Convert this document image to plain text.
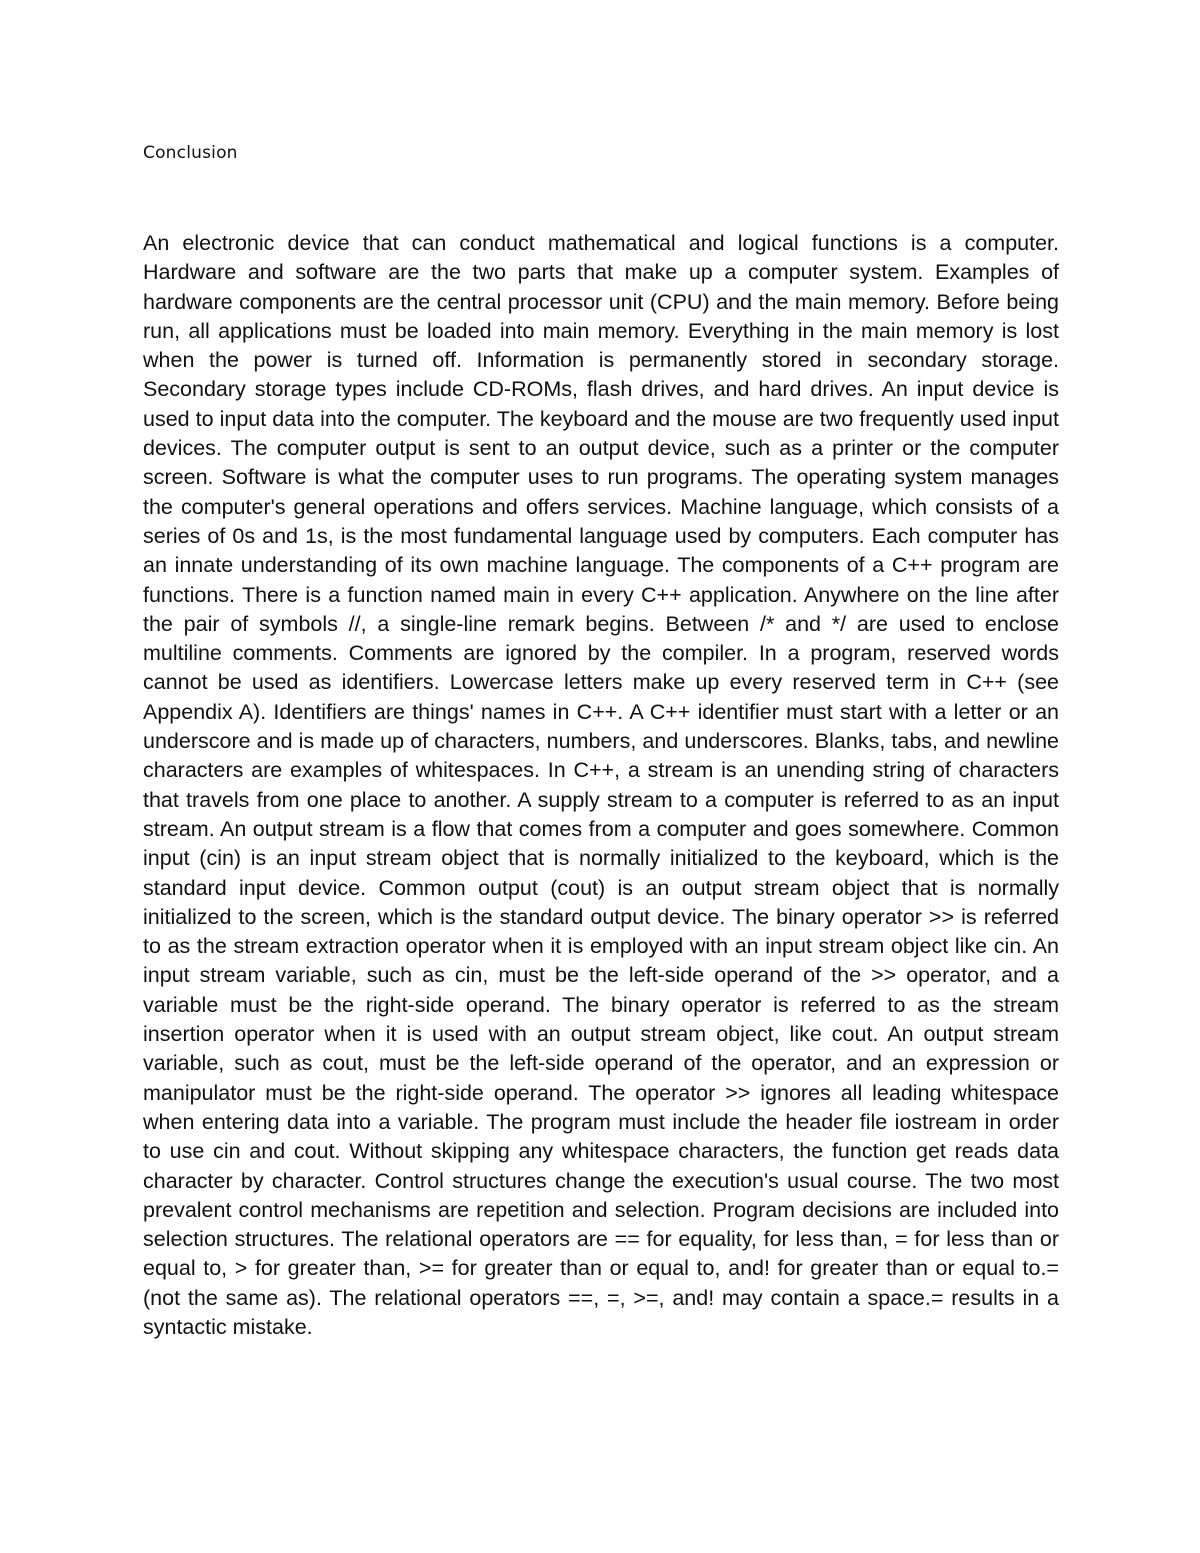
Conclusion

An electronic device that can conduct mathematical and logical functions is a computer. Hardware and software are the two parts that make up a computer system. Examples of hardware components are the central processor unit (CPU) and the main memory. Before being run, all applications must be loaded into main memory. Everything in the main memory is lost when the power is turned off. Information is permanently stored in secondary storage. Secondary storage types include CD-ROMs, flash drives, and hard drives. An input device is used to input data into the computer. The keyboard and the mouse are two frequently used input devices. The computer output is sent to an output device, such as a printer or the computer screen. Software is what the computer uses to run programs. The operating system manages the computer's general operations and offers services. Machine language, which consists of a series of 0s and 1s, is the most fundamental language used by computers. Each computer has an innate understanding of its own machine language. The components of a C++ program are functions. There is a function named main in every C++ application. Anywhere on the line after the pair of symbols //, a single-line remark begins. Between /* and */ are used to enclose multiline comments. Comments are ignored by the compiler. In a program, reserved words cannot be used as identifiers. Lowercase letters make up every reserved term in C++ (see Appendix A). Identifiers are things' names in C++. A C++ identifier must start with a letter or an underscore and is made up of characters, numbers, and underscores. Blanks, tabs, and newline characters are examples of whitespaces. In C++, a stream is an unending string of characters that travels from one place to another. A supply stream to a computer is referred to as an input stream. An output stream is a flow that comes from a computer and goes somewhere. Common input (cin) is an input stream object that is normally initialized to the keyboard, which is the standard input device. Common output (cout) is an output stream object that is normally initialized to the screen, which is the standard output device. The binary operator >> is referred to as the stream extraction operator when it is employed with an input stream object like cin. An input stream variable, such as cin, must be the left-side operand of the >> operator, and a variable must be the right-side operand. The binary operator is referred to as the stream insertion operator when it is used with an output stream object, like cout. An output stream variable, such as cout, must be the left-side operand of the operator, and an expression or manipulator must be the right-side operand. The operator >> ignores all leading whitespace when entering data into a variable. The program must include the header file iostream in order to use cin and cout. Without skipping any whitespace characters, the function get reads data character by character. Control structures change the execution's usual course. The two most prevalent control mechanisms are repetition and selection. Program decisions are included into selection structures. The relational operators are == for equality, for less than, = for less than or equal to, > for greater than, >= for greater than or equal to, and! for greater than or equal to.= (not the same as). The relational operators ==, =, >=, and! may contain a space.= results in a syntactic mistake.
